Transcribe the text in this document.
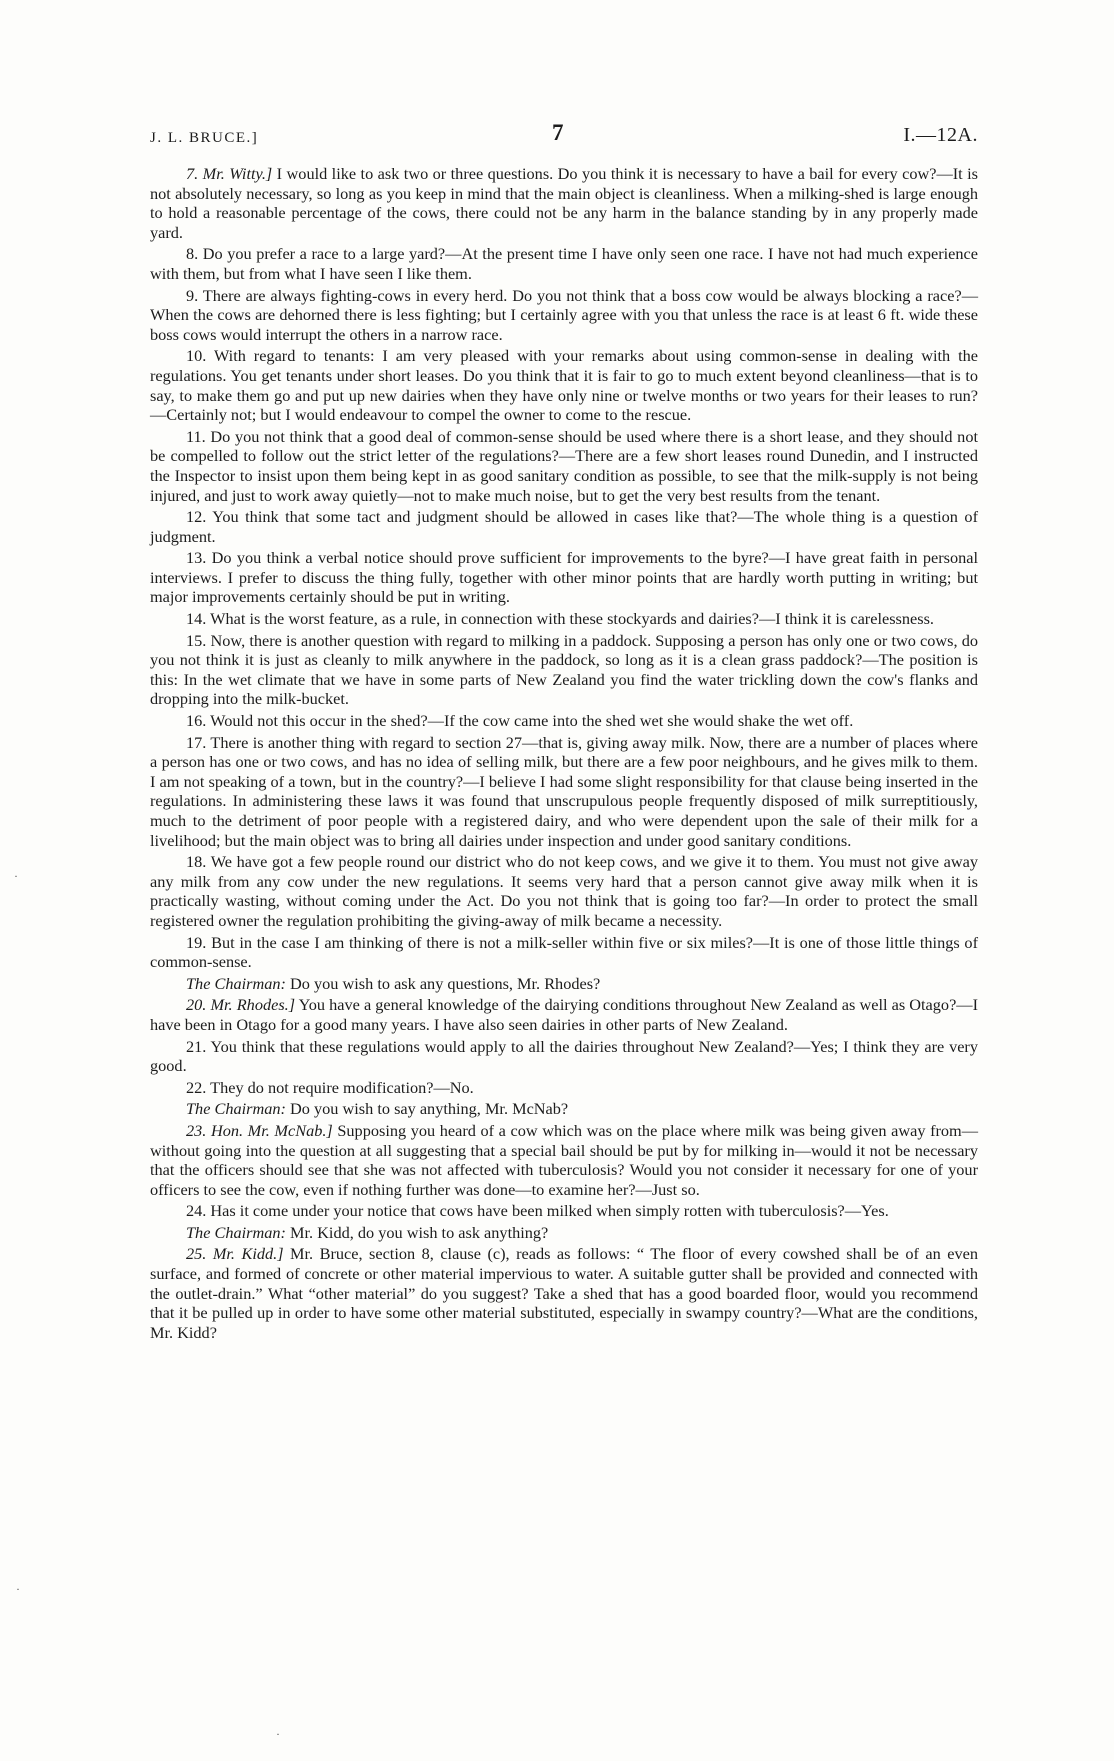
J. L. BRUCE.]	7	I.—12A.

7. Mr. Witty.] I would like to ask two or three questions. Do you think it is necessary to have a bail for every cow?—It is not absolutely necessary, so long as you keep in mind that the main object is cleanliness. When a milking-shed is large enough to hold a reasonable percentage of the cows, there could not be any harm in the balance standing by in any properly made yard.

8. Do you prefer a race to a large yard?—At the present time I have only seen one race. I have not had much experience with them, but from what I have seen I like them.

9. There are always fighting-cows in every herd. Do you not think that a boss cow would be always blocking a race?—When the cows are dehorned there is less fighting; but I certainly agree with you that unless the race is at least 6 ft. wide these boss cows would interrupt the others in a narrow race.

10. With regard to tenants: I am very pleased with your remarks about using common-sense in dealing with the regulations. You get tenants under short leases. Do you think that it is fair to go to much extent beyond cleanliness—that is to say, to make them go and put up new dairies when they have only nine or twelve months or two years for their leases to run?—Certainly not; but I would endeavour to compel the owner to come to the rescue.

11. Do you not think that a good deal of common-sense should be used where there is a short lease, and they should not be compelled to follow out the strict letter of the regulations?—There are a few short leases round Dunedin, and I instructed the Inspector to insist upon them being kept in as good sanitary condition as possible, to see that the milk-supply is not being injured, and just to work away quietly—not to make much noise, but to get the very best results from the tenant.

12. You think that some tact and judgment should be allowed in cases like that?—The whole thing is a question of judgment.

13. Do you think a verbal notice should prove sufficient for improvements to the byre?—I have great faith in personal interviews. I prefer to discuss the thing fully, together with other minor points that are hardly worth putting in writing; but major improvements certainly should be put in writing.

14. What is the worst feature, as a rule, in connection with these stockyards and dairies?—I think it is carelessness.

15. Now, there is another question with regard to milking in a paddock. Supposing a person has only one or two cows, do you not think it is just as cleanly to milk anywhere in the paddock, so long as it is a clean grass paddock?—The position is this: In the wet climate that we have in some parts of New Zealand you find the water trickling down the cow's flanks and dropping into the milk-bucket.

16. Would not this occur in the shed?—If the cow came into the shed wet she would shake the wet off.

17. There is another thing with regard to section 27—that is, giving away milk. Now, there are a number of places where a person has one or two cows, and has no idea of selling milk, but there are a few poor neighbours, and he gives milk to them. I am not speaking of a town, but in the country?—I believe I had some slight responsibility for that clause being inserted in the regulations. In administering these laws it was found that unscrupulous people frequently disposed of milk surreptitiously, much to the detriment of poor people with a registered dairy, and who were dependent upon the sale of their milk for a livelihood; but the main object was to bring all dairies under inspection and under good sanitary conditions.

18. We have got a few people round our district who do not keep cows, and we give it to them. You must not give away any milk from any cow under the new regulations. It seems very hard that a person cannot give away milk when it is practically wasting, without coming under the Act. Do you not think that is going too far?—In order to protect the small registered owner the regulation prohibiting the giving-away of milk became a necessity.

19. But in the case I am thinking of there is not a milk-seller within five or six miles?—It is one of those little things of common-sense.

The Chairman: Do you wish to ask any questions, Mr. Rhodes?

20. Mr. Rhodes.] You have a general knowledge of the dairying conditions throughout New Zealand as well as Otago?—I have been in Otago for a good many years. I have also seen dairies in other parts of New Zealand.

21. You think that these regulations would apply to all the dairies throughout New Zealand?—Yes; I think they are very good.

22. They do not require modification?—No.

The Chairman: Do you wish to say anything, Mr. McNab?

23. Hon. Mr. McNab.] Supposing you heard of a cow which was on the place where milk was being given away from—without going into the question at all suggesting that a special bail should be put by for milking in—would it not be necessary that the officers should see that she was not affected with tuberculosis? Would you not consider it necessary for one of your officers to see the cow, even if nothing further was done—to examine her?—Just so.

24. Has it come under your notice that cows have been milked when simply rotten with tuberculosis?—Yes.

The Chairman: Mr. Kidd, do you wish to ask anything?

25. Mr. Kidd.] Mr. Bruce, section 8, clause (c), reads as follows: “ The floor of every cowshed shall be of an even surface, and formed of concrete or other material impervious to water. A suitable gutter shall be provided and connected with the outlet-drain.” What “other material” do you suggest? Take a shed that has a good boarded floor, would you recommend that it be pulled up in order to have some other material substituted, especially in swampy country?—What are the conditions, Mr. Kidd?

·
·
·
